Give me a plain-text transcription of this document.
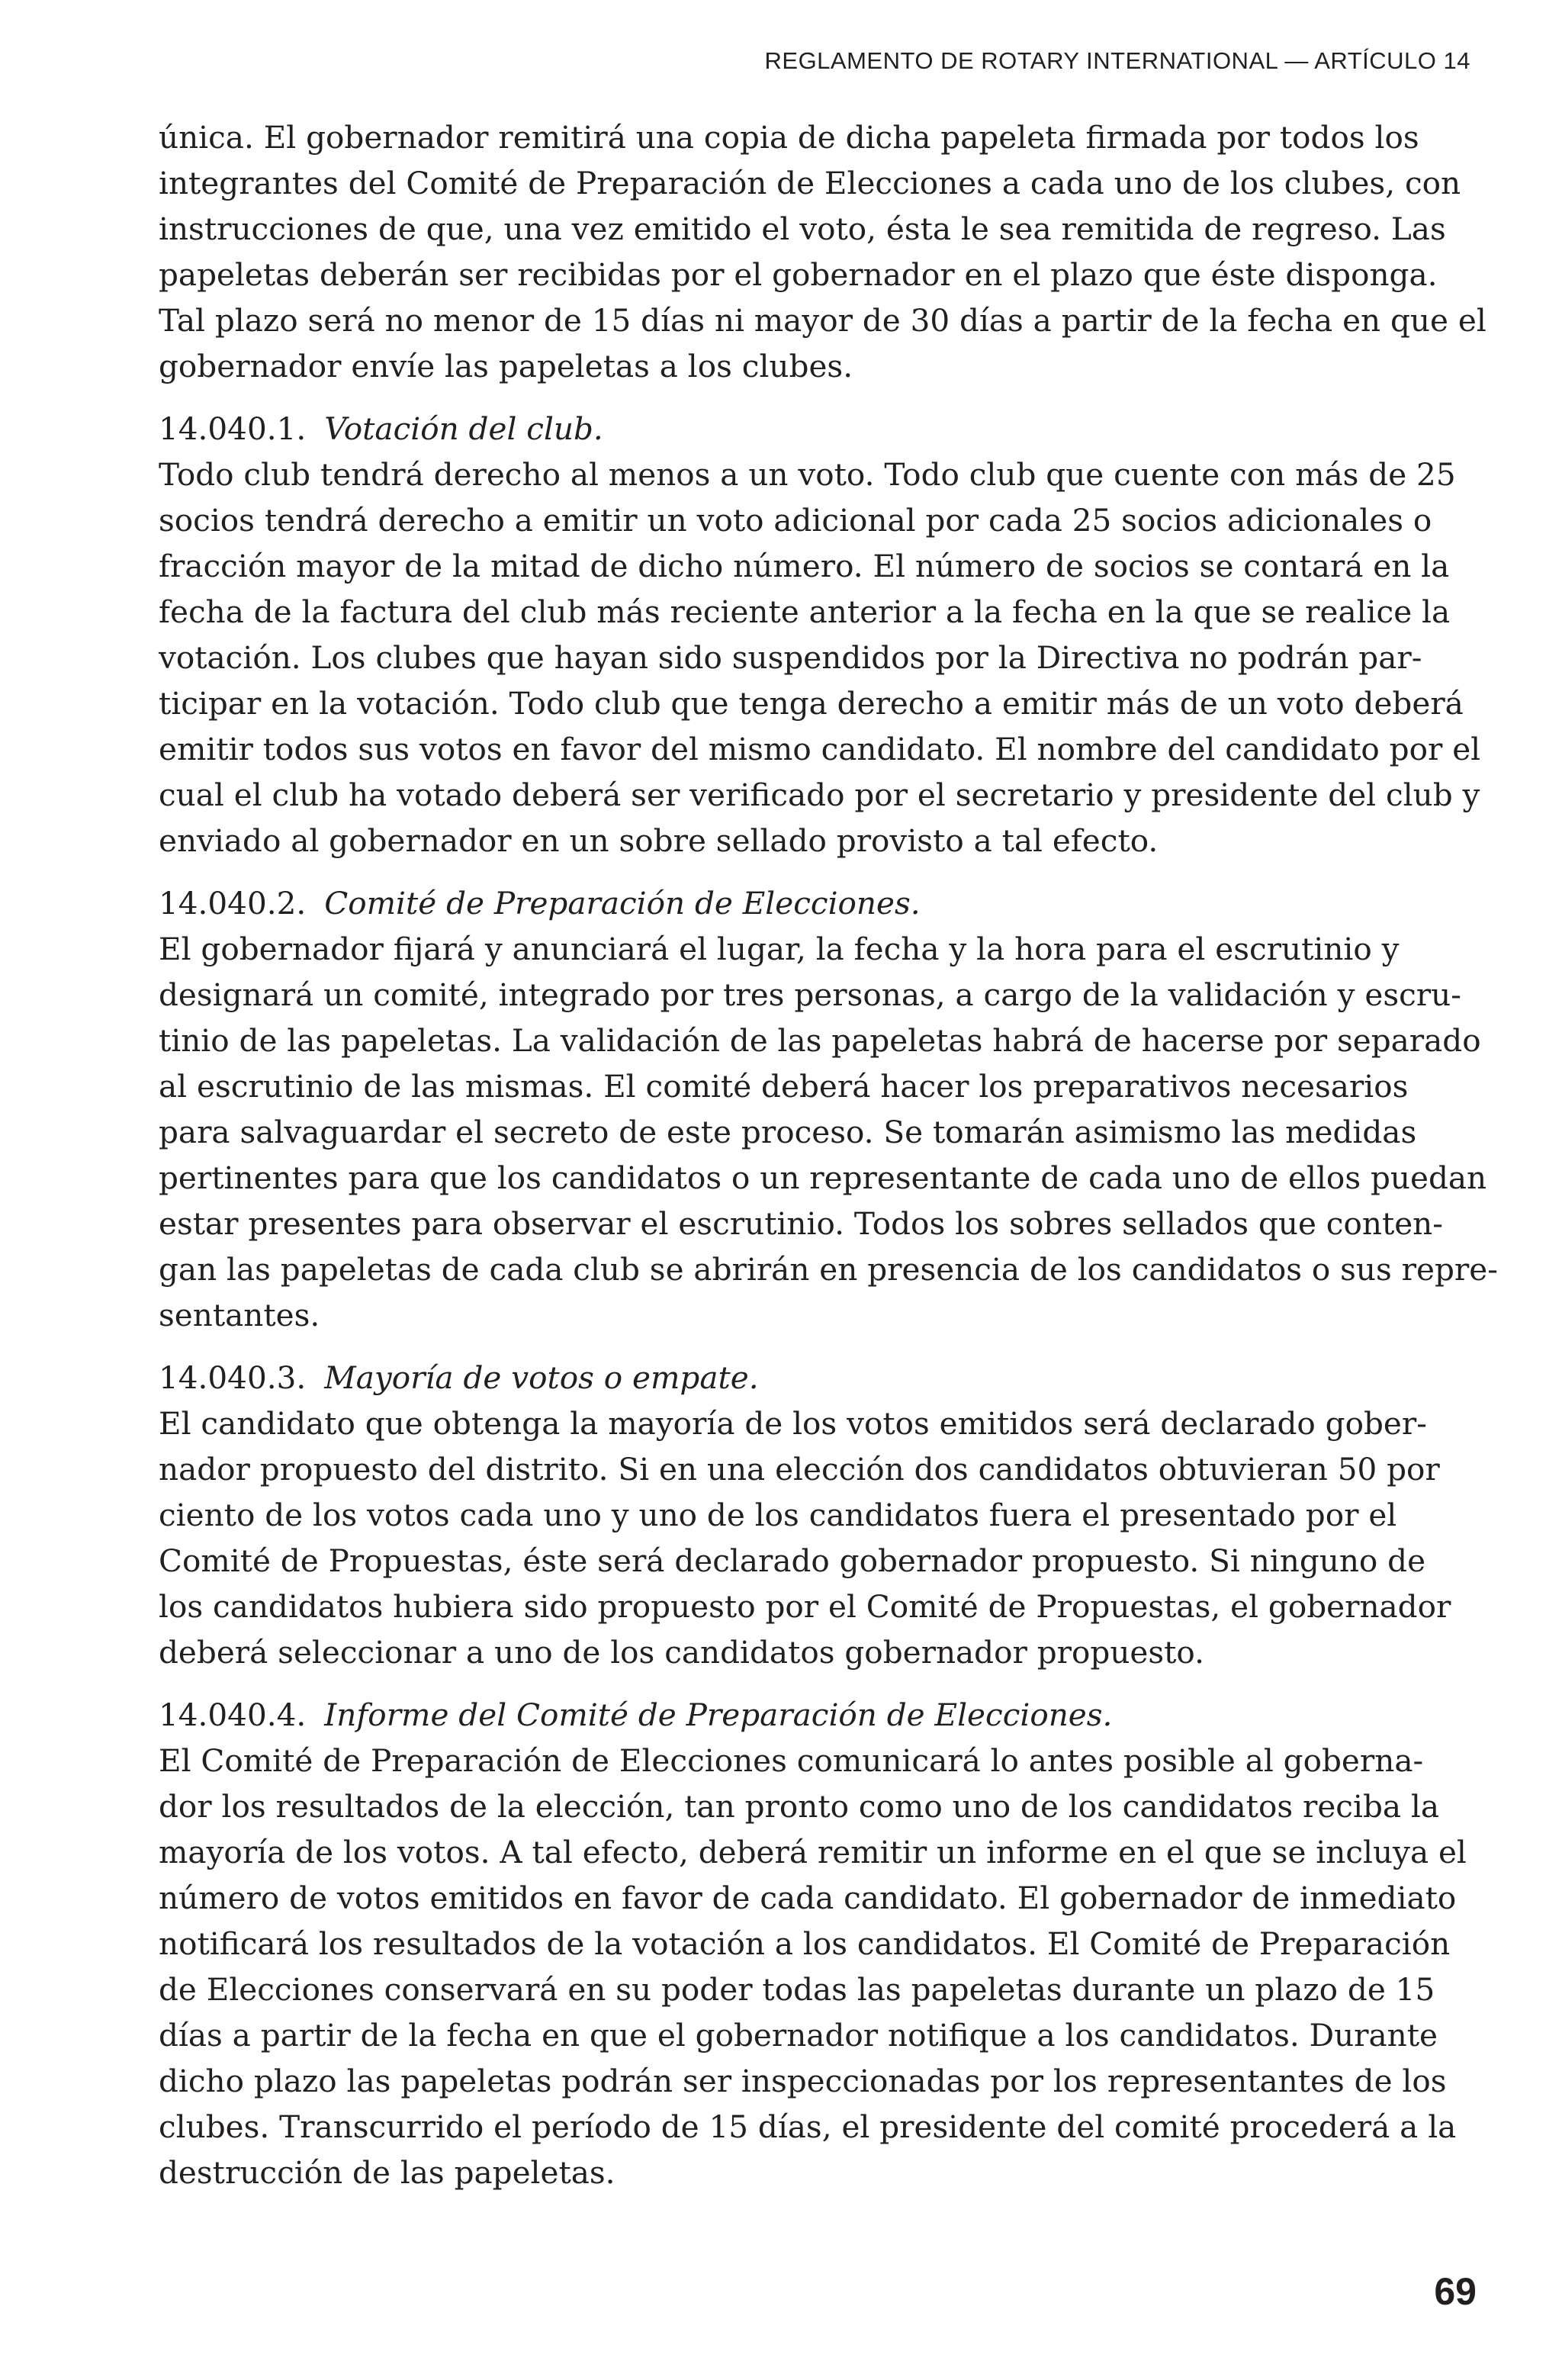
REGLAMENTO DE ROTARY INTERNATIONAL — ARTÍCULO 14

única. El gobernador remitirá una copia de dicha papeleta firmada por todos los
integrantes del Comité de Preparación de Elecciones a cada uno de los clubes, con
instrucciones de que, una vez emitido el voto, ésta le sea remitida de regreso. Las
papeletas deberán ser recibidas por el gobernador en el plazo que éste disponga.
Tal plazo será no menor de 15 días ni mayor de 30 días a partir de la fecha en que el
gobernador envíe las papeletas a los clubes.

14.040.1. Votación del club.

Todo club tendrá derecho al menos a un voto. Todo club que cuente con más de 25
socios tendrá derecho a emitir un voto adicional por cada 25 socios adicionales o
fracción mayor de la mitad de dicho número. El número de socios se contará en la
fecha de la factura del club más reciente anterior a la fecha en la que se realice la
votación. Los clubes que hayan sido suspendidos por la Directiva no podrán par-
ticipar en la votación. Todo club que tenga derecho a emitir más de un voto deberá
emitir todos sus votos en favor del mismo candidato. El nombre del candidato por el
cual el club ha votado deberá ser verificado por el secretario y presidente del club y
enviado al gobernador en un sobre sellado provisto a tal efecto.

14.040.2. Comité de Preparación de Elecciones.

El gobernador fijará y anunciará el lugar, la fecha y la hora para el escrutinio y
designará un comité, integrado por tres personas, a cargo de la validación y escru-
tinio de las papeletas. La validación de las papeletas habrá de hacerse por separado
al escrutinio de las mismas. El comité deberá hacer los preparativos necesarios
para salvaguardar el secreto de este proceso. Se tomarán asimismo las medidas
pertinentes para que los candidatos o un representante de cada uno de ellos puedan
estar presentes para observar el escrutinio. Todos los sobres sellados que conten-
gan las papeletas de cada club se abrirán en presencia de los candidatos o sus repre-
sentantes.

14.040.3. Mayoría de votos o empate.

El candidato que obtenga la mayoría de los votos emitidos será declarado gober-
nador propuesto del distrito. Si en una elección dos candidatos obtuvieran 50 por
ciento de los votos cada uno y uno de los candidatos fuera el presentado por el
Comité de Propuestas, éste será declarado gobernador propuesto. Si ninguno de
los candidatos hubiera sido propuesto por el Comité de Propuestas, el gobernador
deberá seleccionar a uno de los candidatos gobernador propuesto.

14.040.4. Informe del Comité de Preparación de Elecciones.

El Comité de Preparación de Elecciones comunicará lo antes posible al goberna-
dor los resultados de la elección, tan pronto como uno de los candidatos reciba la
mayoría de los votos. A tal efecto, deberá remitir un informe en el que se incluya el
número de votos emitidos en favor de cada candidato. El gobernador de inmediato
notificará los resultados de la votación a los candidatos. El Comité de Preparación
de Elecciones conservará en su poder todas las papeletas durante un plazo de 15
días a partir de la fecha en que el gobernador notifique a los candidatos. Durante
dicho plazo las papeletas podrán ser inspeccionadas por los representantes de los
clubes. Transcurrido el período de 15 días, el presidente del comité procederá a la
destrucción de las papeletas.

69
